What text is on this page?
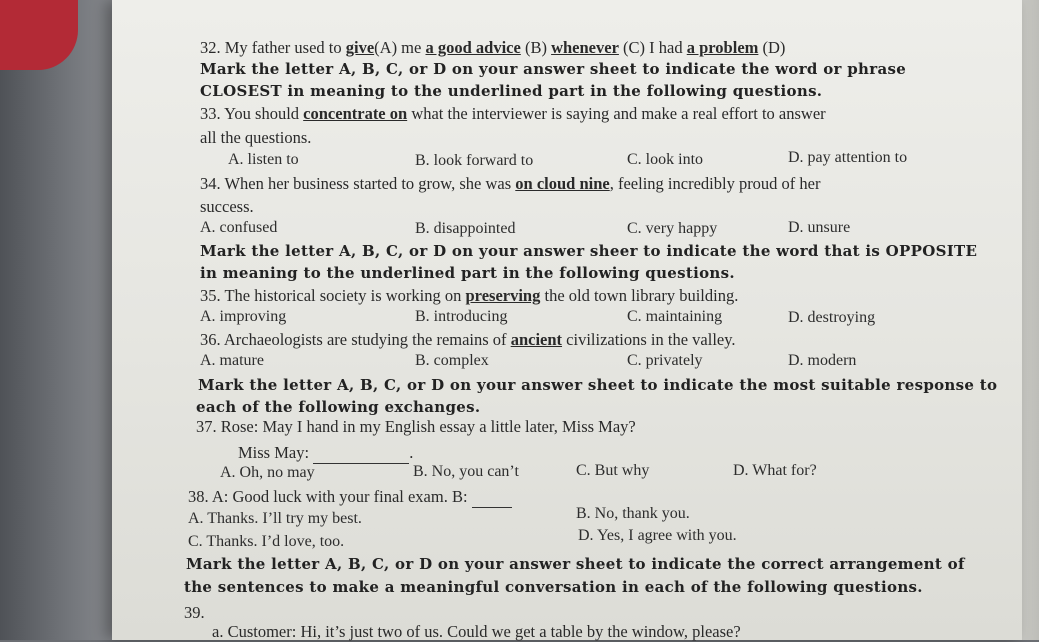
32. My father used to give(A) me a good advice (B) whenever (C) I had a problem (D)
Mark the letter A, B, C, or D on your answer sheet to indicate the word or phrase
CLOSEST in meaning to the underlined part in the following questions.
33. You should concentrate on what the interviewer is saying and make a real effort to answer
all the questions.
A. listen to	B. look forward to	C. look into	D. pay attention to
34. When her business started to grow, she was on cloud nine, feeling incredibly proud of her
success.
A. confused	B. disappointed	C. very happy	D. unsure
Mark the letter A, B, C, or D on your answer sheer to indicate the word that is OPPOSITE
in meaning to the underlined part in the following questions.
35. The historical society is working on preserving the old town library building.
A. improving	B. introducing	C. maintaining	D. destroying
36. Archaeologists are studying the remains of ancient civilizations in the valley.
A. mature	B. complex	C. privately	D. modern
Mark the letter A, B, C, or D on your answer sheet to indicate the most suitable response to
each of the following exchanges.
37. Rose: May I hand in my English essay a little later, Miss May?
Miss May:	.
A. Oh, no may	B. No, you can’t	C. But why	D. What for?
38. A: Good luck with your final exam. B:
A. Thanks. I’ll try my best.	B. No, thank you.
C. Thanks. I’d love, too.	D. Yes, I agree with you.
Mark the letter A, B, C, or D on your answer sheet to indicate the correct arrangement of
the sentences to make a meaningful conversation in each of the following questions.
39.
a. Customer: Hi, it’s just two of us. Could we get a table by the window, please?
